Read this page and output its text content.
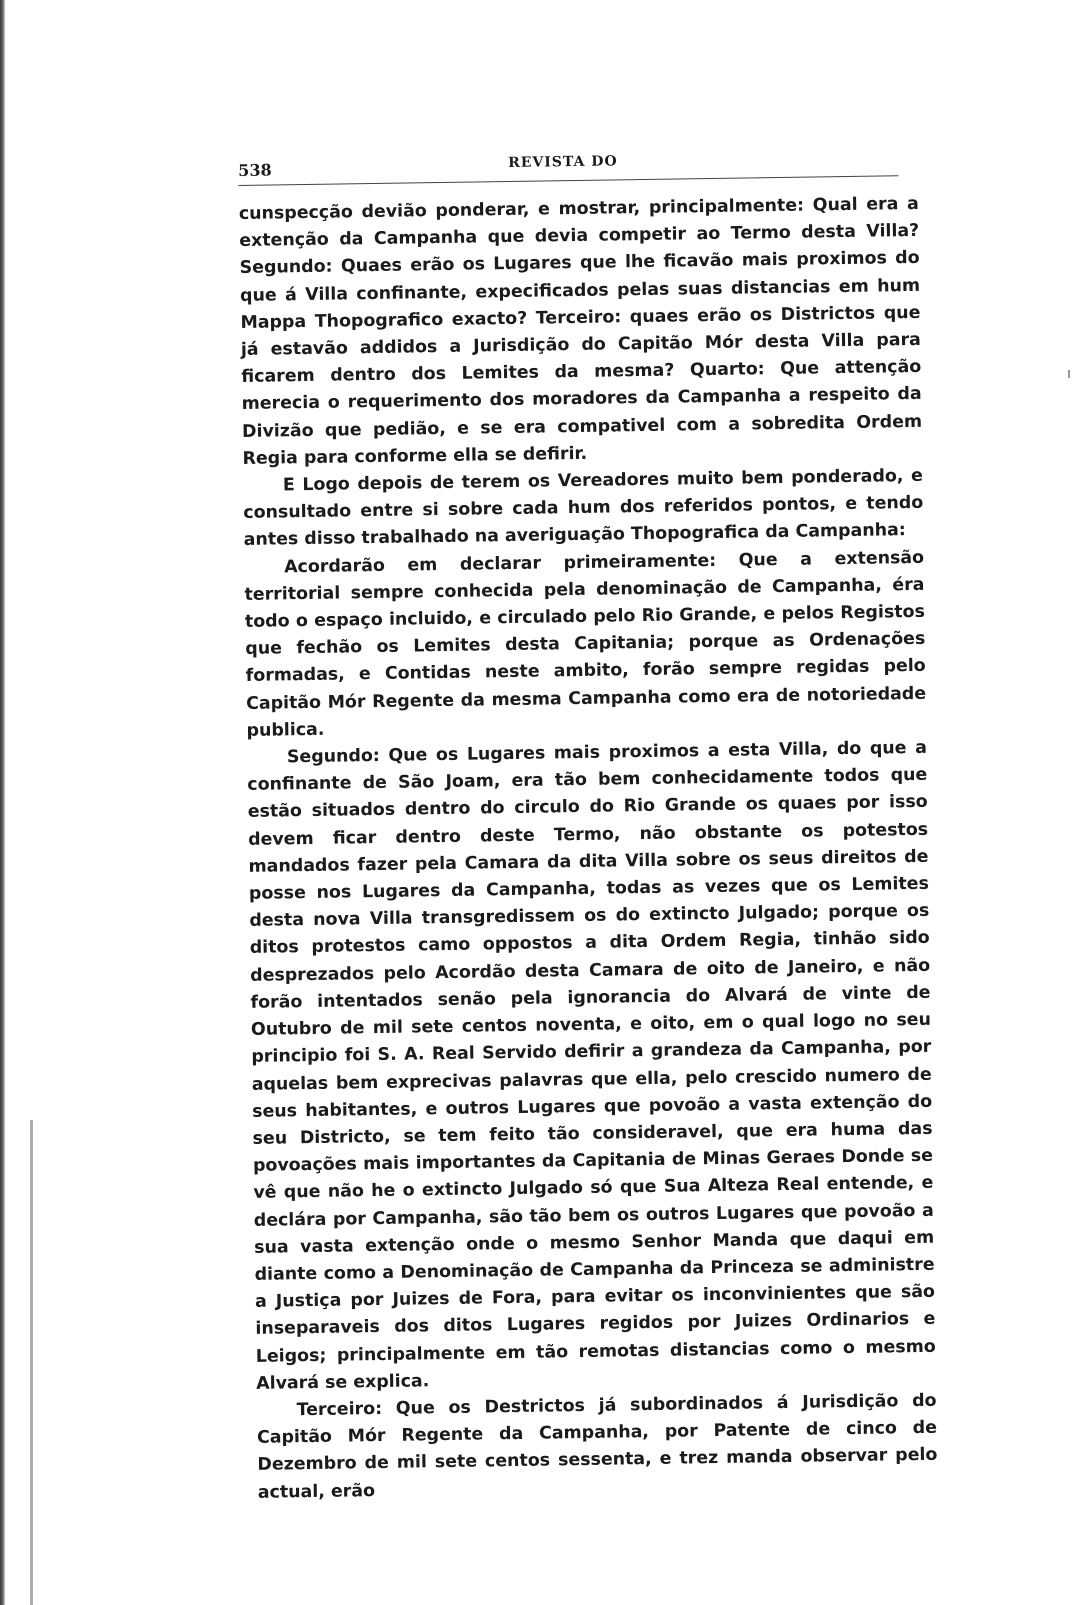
538	REVISTA DO

cunspecção devião ponderar, e mostrar, principalmente: Qual era a extenção da Campanha que devia competir ao Termo desta Villa? Segundo: Quaes erão os Lugares que lhe ficavão mais proximos do que á Villa confinante, expecificados pelas suas distancias em hum Mappa Thopografico exacto? Terceiro: quaes erão os Districtos que já estavão addidos a Jurisdição do Capitão Mór desta Villa para ficarem dentro dos Lemites da mesma? Quarto: Que attenção merecia o requerimento dos moradores da Campanha a respeito da Divizão que pedião, e se era compativel com a sobredita Ordem Regia para conforme ella se defirir.

E Logo depois de terem os Vereadores muito bem ponderado, e consultado entre si sobre cada hum dos referidos pontos, e tendo antes disso trabalhado na averiguação Thopografica da Campanha:

Acordarão em declarar primeiramente: Que a extensão territorial sempre conhecida pela denominação de Campanha, éra todo o espaço incluido, e circulado pelo Rio Grande, e pelos Registos que fechão os Lemites desta Capitania; porque as Ordenações formadas, e Contidas neste ambito, forão sempre regidas pelo Capitão Mór Regente da mesma Campanha como era de notoriedade publica.

Segundo: Que os Lugares mais proximos a esta Villa, do que a confinante de São Joam, era tão bem conhecidamente todos que estão situados dentro do circulo do Rio Grande os quaes por isso devem ficar dentro deste Termo, não obstante os potestos mandados fazer pela Camara da dita Villa sobre os seus direitos de posse nos Lugares da Campanha, todas as vezes que os Lemites desta nova Villa transgredissem os do extincto Julgado; porque os ditos protestos camo oppostos a dita Ordem Regia, tinhão sido desprezados pelo Acordão desta Camara de oito de Janeiro, e não forão intentados senão pela ignorancia do Alvará de vinte de Outubro de mil sete centos noventa, e oito, em o qual logo no seu principio foi S. A. Real Servido defirir a grandeza da Campanha, por aquelas bem exprecivas palavras que ella, pelo crescido numero de seus habitantes, e outros Lugares que povoão a vasta extenção do seu Districto, se tem feito tão consideravel, que era huma das povoações mais importantes da Capitania de Minas Geraes Donde se vê que não he o extincto Julgado só que Sua Alteza Real entende, e declára por Campanha, são tão bem os outros Lugares que povoão a sua vasta extenção onde o mesmo Senhor Manda que daqui em diante como a Denominação de Campanha da Princeza se administre a Justiça por Juizes de Fora, para evitar os inconvinientes que são inseparaveis dos ditos Lugares regidos por Juizes Ordinarios e Leigos; principalmente em tão remotas distancias como o mesmo Alvará se explica.

Terceiro: Que os Destrictos já subordinados á Jurisdição do Capitão Mór Regente da Campanha, por Patente de cinco de Dezembro de mil sete centos sessenta, e trez manda observar pelo actual, erão
